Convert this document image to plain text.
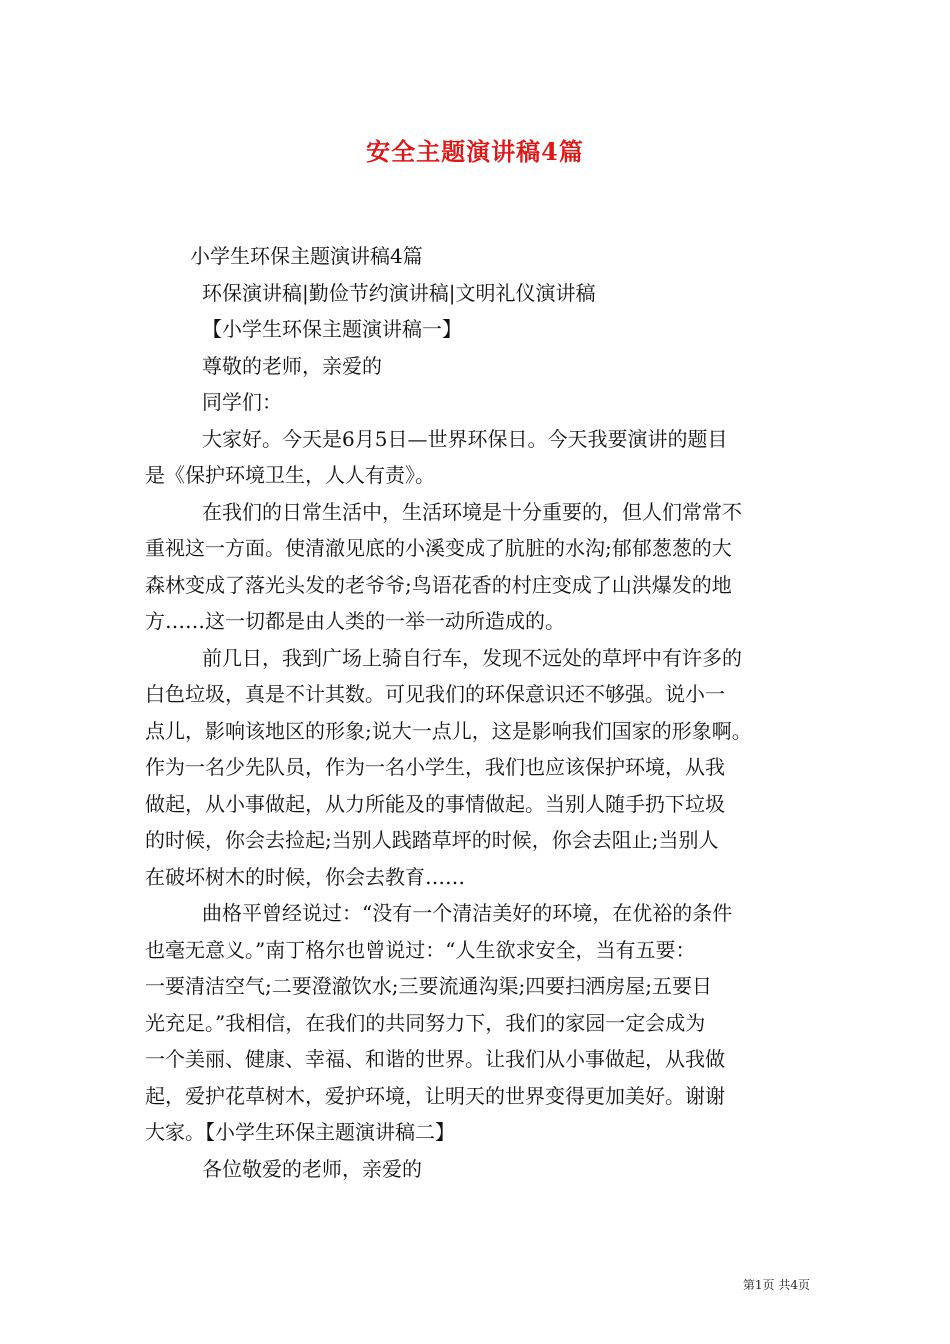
安全主题演讲稿4篇
小学生环保主题演讲稿4篇
环保演讲稿|勤俭节约演讲稿|文明礼仪演讲稿
【小学生环保主题演讲稿一】
尊敬的老师，亲爱的
同学们：
大家好。今天是6月5日—世界环保日。今天我要演讲的题目
是《保护环境卫生，人人有责》。
在我们的日常生活中，生活环境是十分重要的，但人们常常不
重视这一方面。使清澈见底的小溪变成了肮脏的水沟;郁郁葱葱的大
森林变成了落光头发的老爷爷;鸟语花香的村庄变成了山洪爆发的地
方……这一切都是由人类的一举一动所造成的。
前几日，我到广场上骑自行车，发现不远处的草坪中有许多的
白色垃圾，真是不计其数。可见我们的环保意识还不够强。说小一
点儿，影响该地区的形象;说大一点儿，这是影响我们国家的形象啊。
作为一名少先队员，作为一名小学生，我们也应该保护环境，从我
做起，从小事做起，从力所能及的事情做起。当别人随手扔下垃圾
的时候，你会去捡起;当别人践踏草坪的时候，你会去阻止;当别人
在破坏树木的时候，你会去教育……
曲格平曾经说过：“没有一个清洁美好的环境，在优裕的条件
也毫无意义。”南丁格尔也曾说过：“人生欲求安全，当有五要：
一要清洁空气;二要澄澈饮水;三要流通沟渠;四要扫洒房屋;五要日
光充足。”我相信，在我们的共同努力下，我们的家园一定会成为
一个美丽、健康、幸福、和谐的世界。让我们从小事做起，从我做
起，爱护花草树木，爱护环境，让明天的世界变得更加美好。谢谢
大家。【小学生环保主题演讲稿二】
各位敬爱的老师，亲爱的
第1页 共4页
